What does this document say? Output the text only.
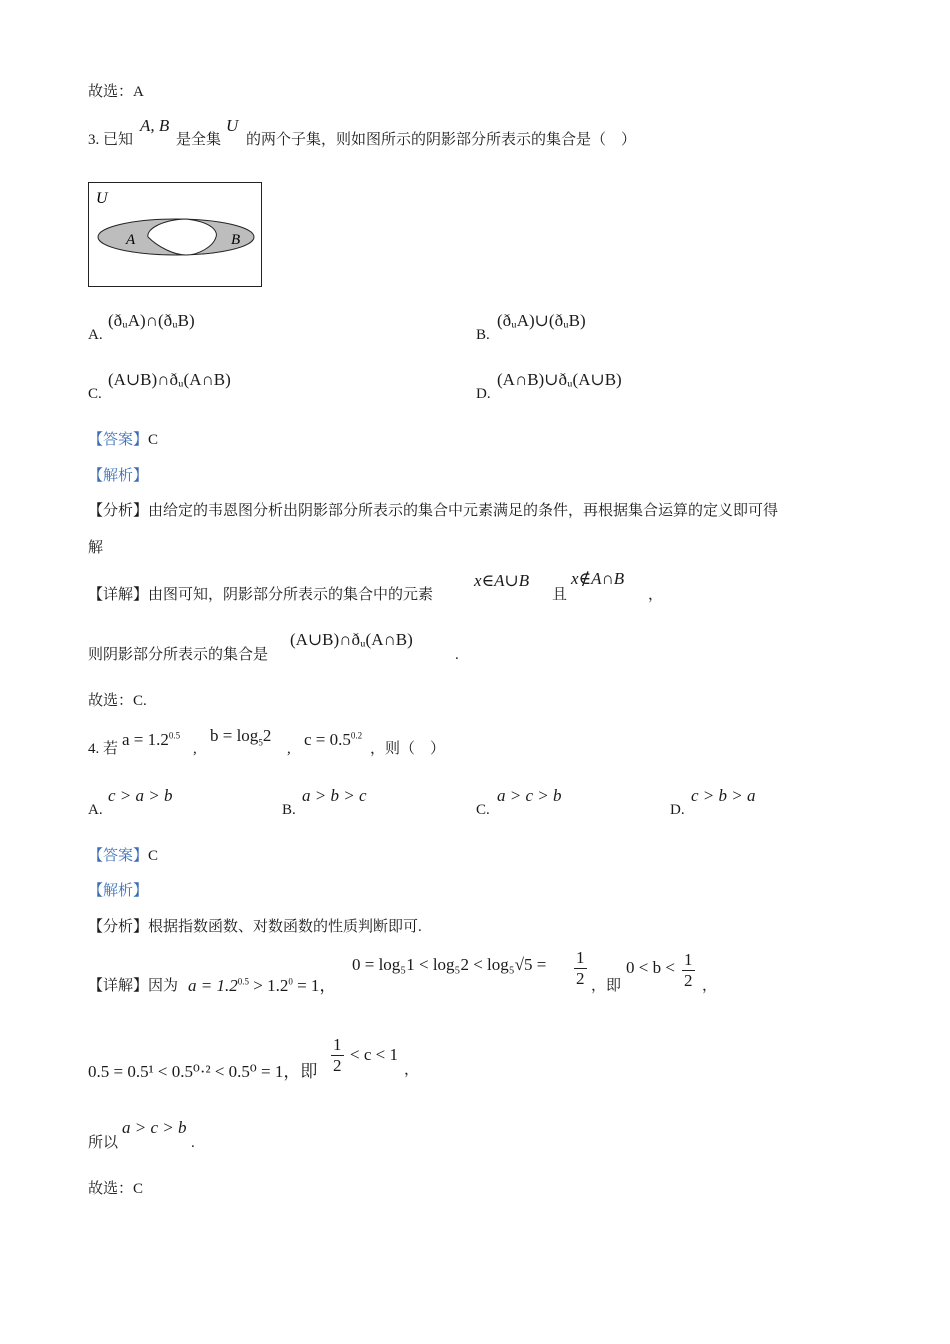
故选：A
3. 已知
A, B
是全集
U
的两个子集，则如图所示的阴影部分所表示的集合是（　）
U
A	B
A.
(ðᵤA)∩(ðᵤB)
B.
(ðᵤA)∪(ðᵤB)
C.
(A∪B)∩ðᵤ(A∩B)
D.
(A∩B)∪ðᵤ(A∪B)
【答案】C
【解析】
【分析】由给定的韦恩图分析出阴影部分所表示的集合中元素满足的条件，再根据集合运算的定义即可得
解
【详解】由图可知，阴影部分所表示的集合中的元素
x∈A∪B
且
x∉A∩B
，
则阴影部分所表示的集合是
(A∪B)∩ðᵤ(A∩B)
.
故选：C.
4. 若 $a = 1.2^{0.5}$
,
$b = \log_52$
, $c = 0.5^{0.2}$
，则（　）
A.
c > a > b
B.
a > b > c
C.
a > c > b
D.
c > b > a
【答案】C
【解析】
【分析】根据指数函数、对数函数的性质判断即可.
【详解】因为 $a = 1.2^{0.5} > 1.2^0 = 1$，
$0 = \log_51 < \log_52 < \log_5√5 = \frac{1}{2}$ ，即
$0 < b < \frac{1}{2}$ ，
0.5 = 0.5¹ < 0.5⁰·² < 0.5⁰ = 1，即 $\frac{1}{2} < c < 1$
，
所以
a > c > b
.
故选：C
